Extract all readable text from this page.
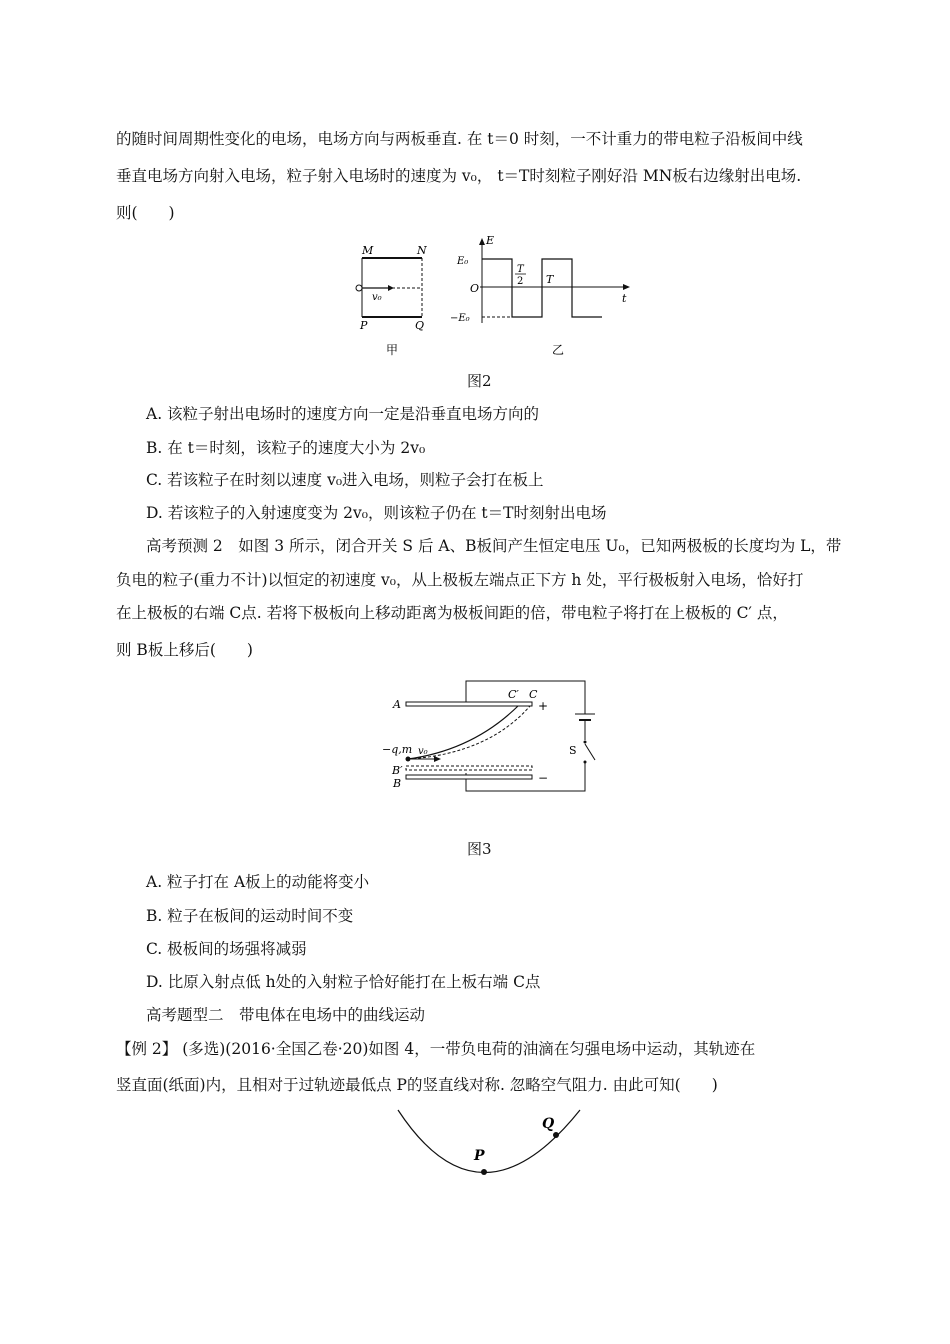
的随时间周期性变化的电场，电场方向与两板垂直. 在 t＝0 时刻，一不计重力的带电粒子沿板间中线
垂直电场方向射入电场，粒子射入电场时的速度为 v₀， t＝T时刻粒子刚好沿 MN板右边缘射出电场.
则(　　)
M	N
v₀
P	Q
甲
E
E₀
O
−E₀
T
2 T
t
乙
图2
A. 该粒子射出电场时的速度方向一定是沿垂直电场方向的
B. 在 t＝时刻，该粒子的速度大小为 2v₀
C. 若该粒子在时刻以速度 v₀进入电场，则粒子会打在板上
D. 若该粒子的入射速度变为 2v₀，则该粒子仍在 t＝T时刻射出电场
高考预测 2　如图 3 所示，闭合开关 S 后 A、B板间产生恒定电压 U₀，已知两极板的长度均为 L，带
负电的粒子(重力不计)以恒定的初速度 v₀，从上极板左端点正下方 h 处，平行极板射入电场，恰好打
在上极板的右端 C点. 若将下极板向上移动距离为极板间距的倍，带电粒子将打在上极板的 C′ 点，
则 B板上移后(　　)
S
A
C′ C
+
−q,m v₀
B′
B	−
图3
A. 粒子打在 A板上的动能将变小
B. 粒子在板间的运动时间不变
C. 极板间的场强将减弱
D. 比原入射点低 h处的入射粒子恰好能打在上板右端 C点
高考题型二　带电体在电场中的曲线运动
【例 2】 (多选)(2016·全国乙卷·20)如图 4，一带负电荷的油滴在匀强电场中运动，其轨迹在
竖直面(纸面)内，且相对于过轨迹最低点 P的竖直线对称. 忽略空气阻力. 由此可知(　　)
P
Q
